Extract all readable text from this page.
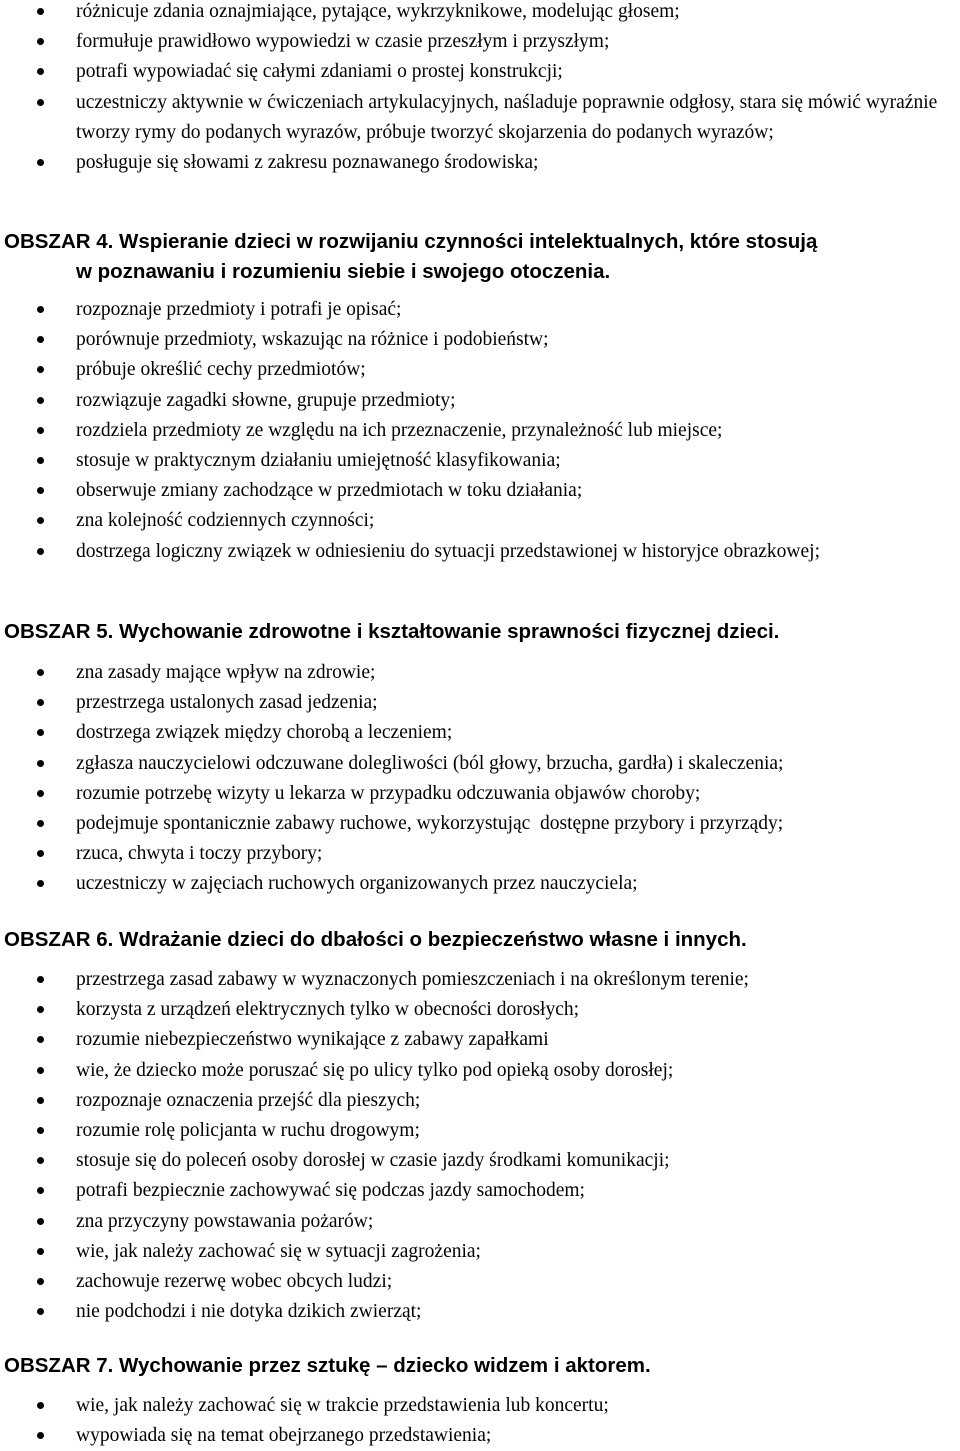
różnicuje zdania oznajmiające, pytające, wykrzyknikowe, modelując głosem;
formułuje prawidłowo wypowiedzi w czasie przeszłym i przyszłym;
potrafi wypowiadać się całymi zdaniami o prostej konstrukcji;
uczestniczy aktywnie w ćwiczeniach artykulacyjnych, naśladuje poprawnie odgłosy, stara się mówić wyraźnie tworzy rymy do podanych wyrazów, próbuje tworzyć skojarzenia do podanych wyrazów;
posługuje się słowami z zakresu poznawanego środowiska;
OBSZAR 4. Wspieranie dzieci w rozwijaniu czynności intelektualnych, które stosują
w poznawaniu i rozumieniu siebie i swojego otoczenia.
rozpoznaje przedmioty i potrafi je opisać;
porównuje przedmioty, wskazując na różnice i podobieństw;
próbuje określić cechy przedmiotów;
rozwiązuje zagadki słowne, grupuje przedmioty;
rozdziela przedmioty ze względu na ich przeznaczenie, przynależność lub miejsce;
stosuje w praktycznym działaniu umiejętność klasyfikowania;
obserwuje zmiany zachodzące w przedmiotach w toku działania;
zna kolejność codziennych czynności;
dostrzega logiczny związek w odniesieniu do sytuacji przedstawionej w historyjce obrazkowej;
OBSZAR 5. Wychowanie zdrowotne i kształtowanie sprawności fizycznej dzieci.
zna zasady mające wpływ na zdrowie;
przestrzega ustalonych zasad jedzenia;
dostrzega związek między chorobą a leczeniem;
zgłasza nauczycielowi odczuwane dolegliwości (ból głowy, brzucha, gardła) i skaleczenia;
rozumie potrzebę wizyty u lekarza w przypadku odczuwania objawów choroby;
podejmuje spontanicznie zabawy ruchowe, wykorzystując  dostępne przybory i przyrządy;
rzuca, chwyta i toczy przybory;
uczestniczy w zajęciach ruchowych organizowanych przez nauczyciela;
OBSZAR 6. Wdrażanie dzieci do dbałości o bezpieczeństwo własne i innych.
przestrzega zasad zabawy w wyznaczonych pomieszczeniach i na określonym terenie;
korzysta z urządzeń elektrycznych tylko w obecności dorosłych;
rozumie niebezpieczeństwo wynikające z zabawy zapałkami
wie, że dziecko może poruszać się po ulicy tylko pod opieką osoby dorosłej;
rozpoznaje oznaczenia przejść dla pieszych;
rozumie rolę policjanta w ruchu drogowym;
stosuje się do poleceń osoby dorosłej w czasie jazdy środkami komunikacji;
potrafi bezpiecznie zachowywać się podczas jazdy samochodem;
zna przyczyny powstawania pożarów;
wie, jak należy zachować się w sytuacji zagrożenia;
zachowuje rezerwę wobec obcych ludzi;
nie podchodzi i nie dotyka dzikich zwierząt;
OBSZAR 7. Wychowanie przez sztukę – dziecko widzem i aktorem.
wie, jak należy zachować się w trakcie przedstawienia lub koncertu;
wypowiada się na temat obejrzanego przedstawienia;
